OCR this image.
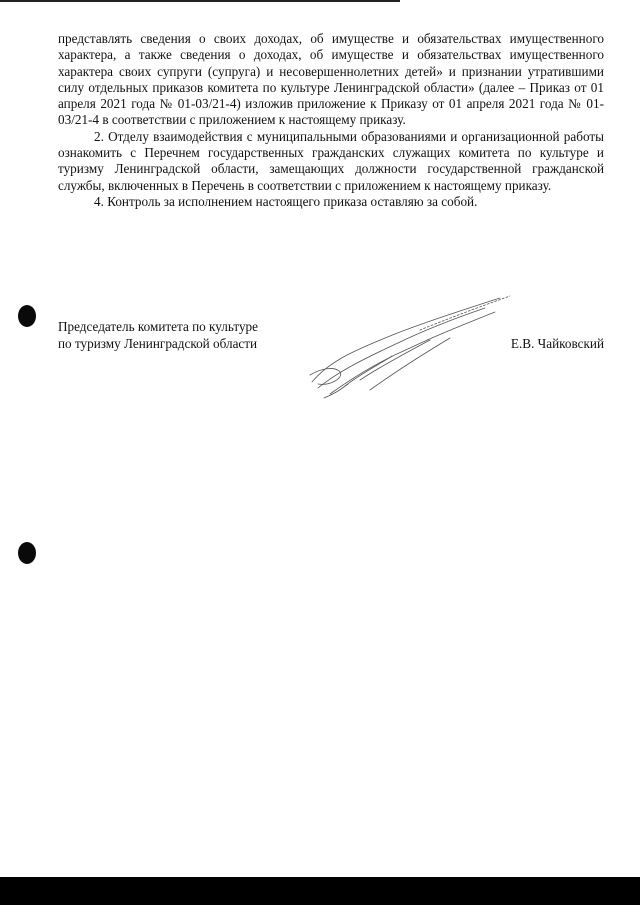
представлять сведения о своих доходах, об имуществе и обязательствах имущественного характера, а также сведения о доходах, об имуществе и обязательствах имущественного характера своих супруги (супруга) и несовершеннолетних детей» и признании утратившими силу отдельных приказов комитета по культуре Ленинградской области» (далее – Приказ от 01 апреля 2021 года № 01-03/21-4) изложив приложение к Приказу от 01 апреля 2021 года № 01-03/21-4 в соответствии с приложением к настоящему приказу.

2. Отделу взаимодействия с муниципальными образованиями и организационной работы ознакомить с Перечнем государственных гражданских служащих комитета по культуре и туризму Ленинградской области, замещающих должности государственной гражданской службы, включенных в Перечень в соответствии с приложением к настоящему приказу.

4. Контроль за исполнением настоящего приказа оставляю за собой.

Председатель комитета по культуре
по туризму Ленинградской области	Е.В. Чайковский
